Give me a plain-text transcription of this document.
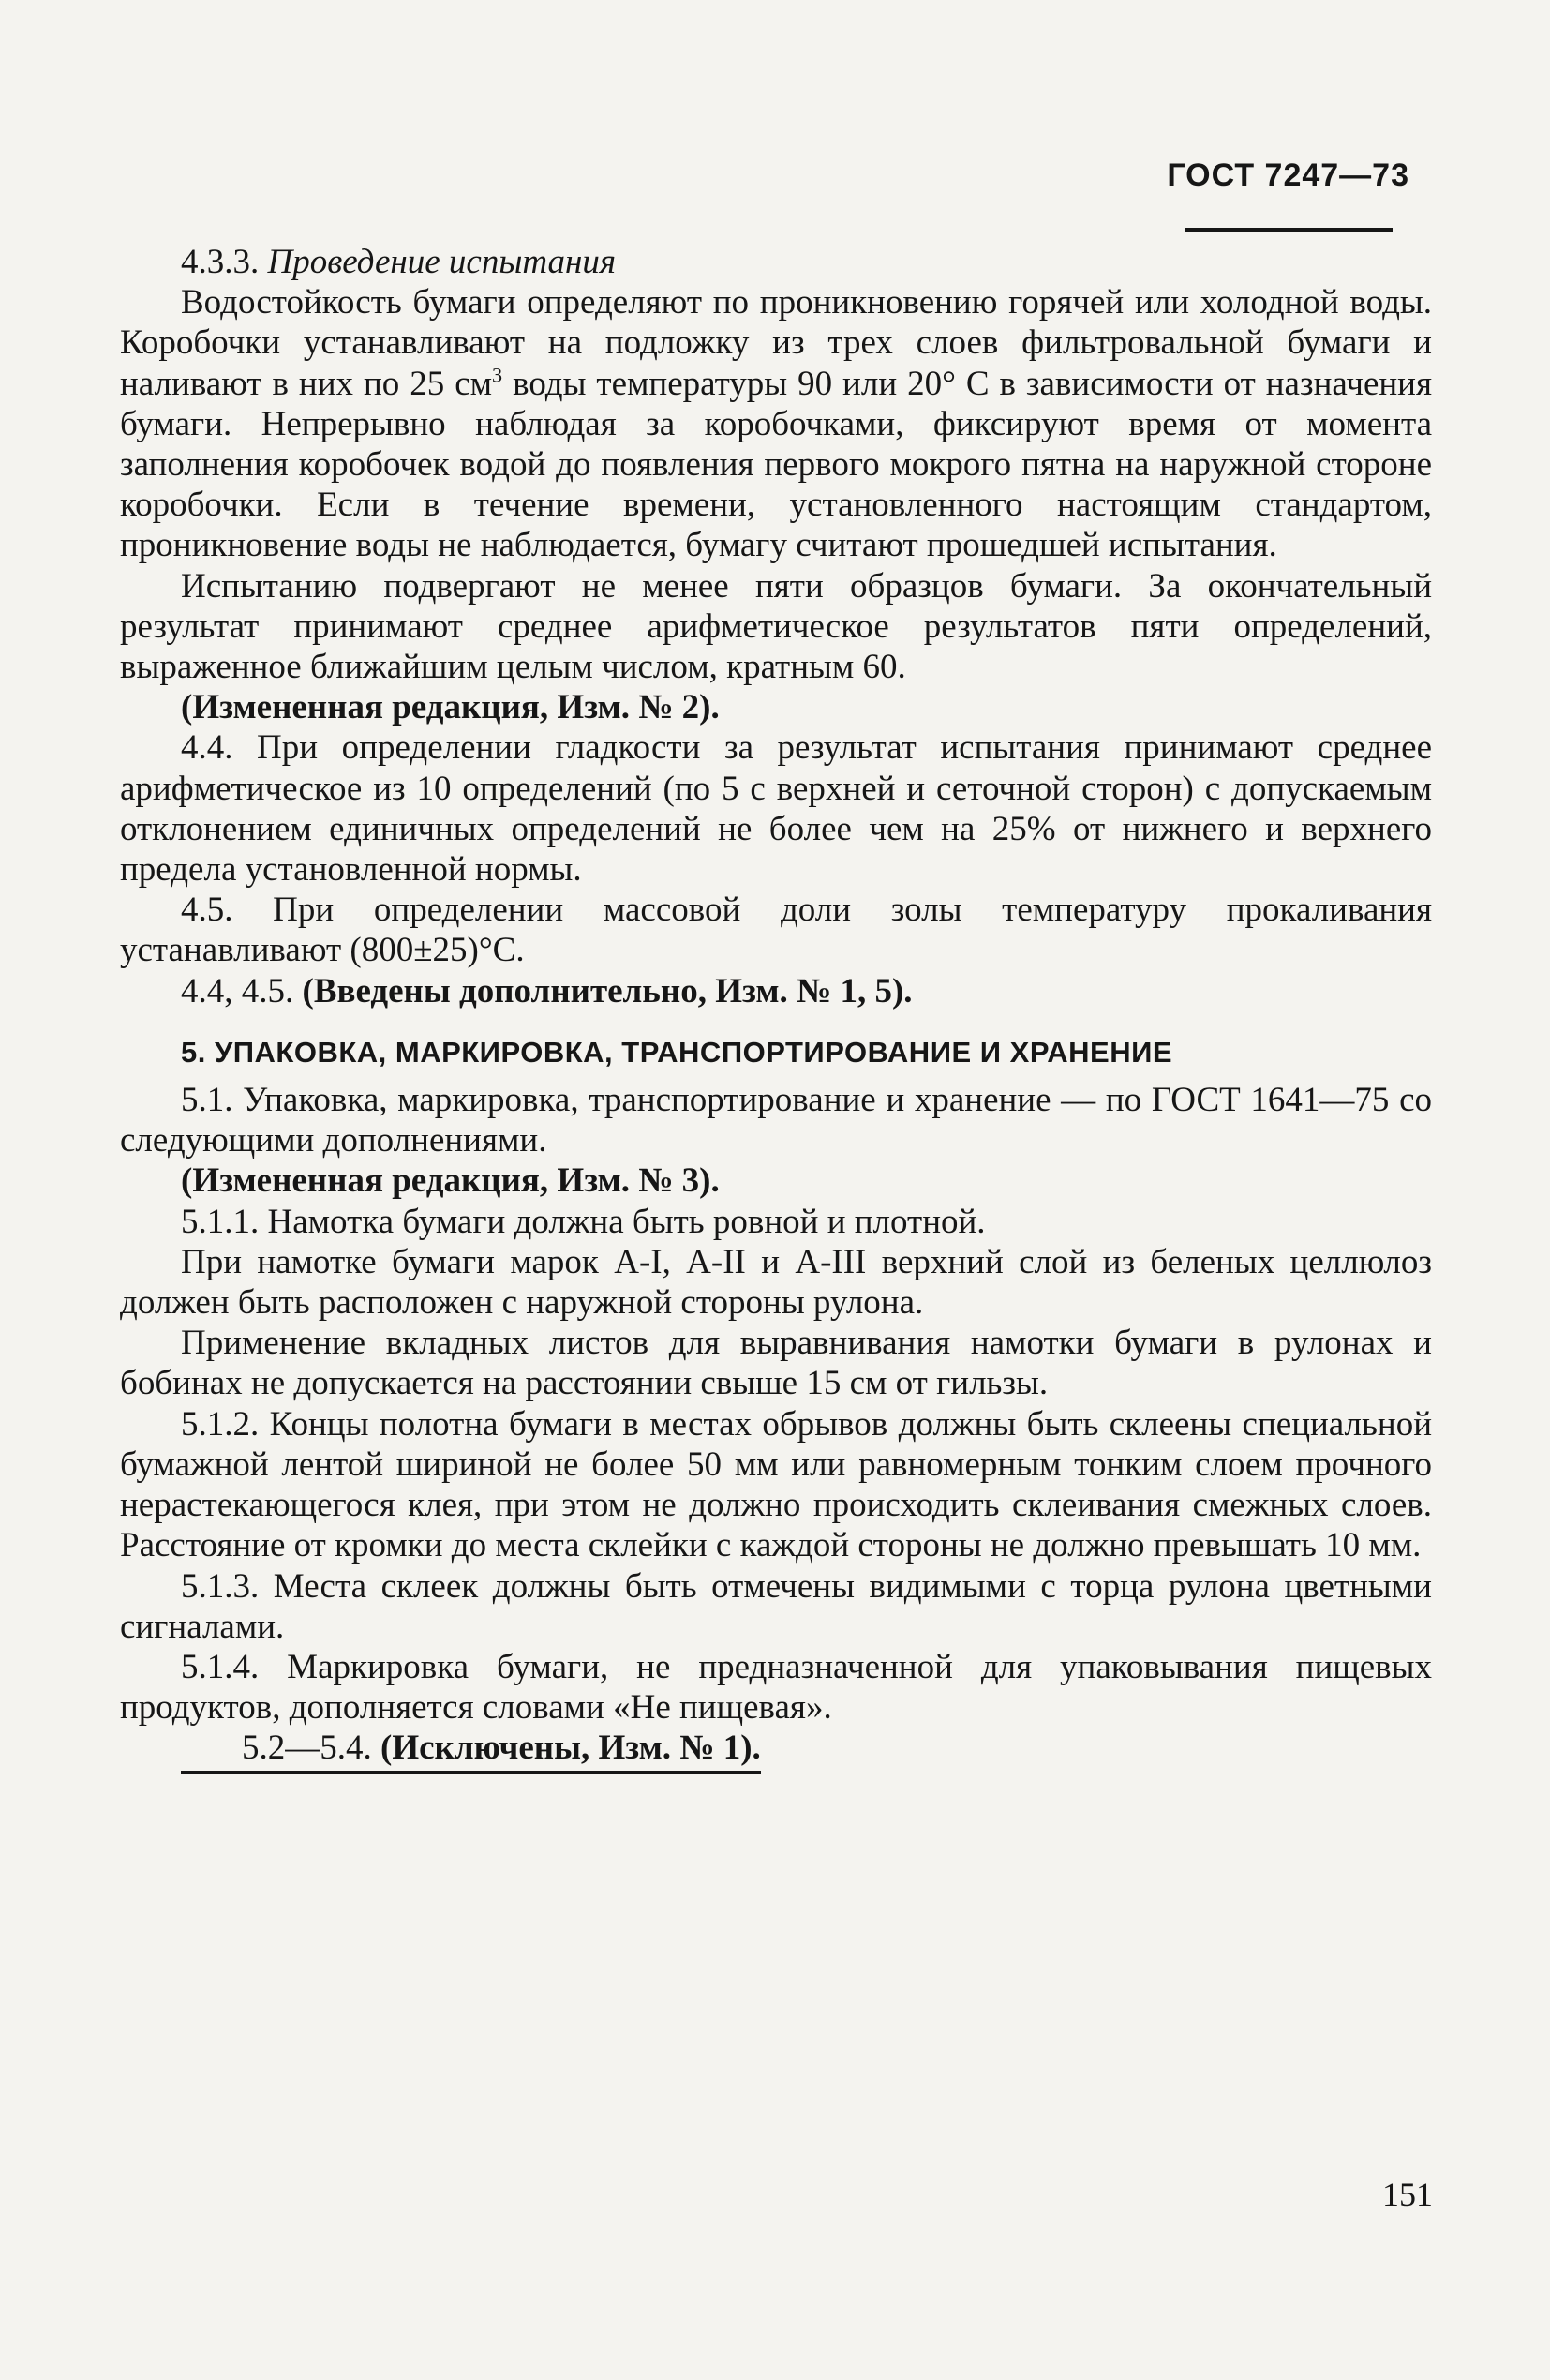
ГОСТ 7247—73

4.3.3. Проведение испытания

Водостойкость бумаги определяют по проникновению горячей или холодной воды. Коробочки устанавливают на подложку из трех слоев фильтровальной бумаги и наливают в них по 25 $см^3$ воды температуры 90 или 20° С в зависимости от назначения бумаги. Непрерывно наблюдая за коробочками, фиксируют время от момента заполнения коробочек водой до появления первого мокрого пятна на наружной стороне коробочки. Если в течение времени, установленного настоящим стандартом, проникновение воды не наблюдается, бумагу считают прошедшей испытания.

Испытанию подвергают не менее пяти образцов бумаги. За окончательный результат принимают среднее арифметическое результатов пяти определений, выраженное ближайшим целым числом, кратным 60.

(Измененная редакция, Изм. № 2).

4.4. При определении гладкости за результат испытания принимают среднее арифметическое из 10 определений (по 5 с верхней и сеточной сторон) с допускаемым отклонением единичных определений не более чем на 25% от нижнего и верхнего предела установленной нормы.

4.5. При определении массовой доли золы температуру прокаливания устанавливают (800±25)°С.

4.4, 4.5. (Введены дополнительно, Изм. № 1, 5).

5. УПАКОВКА, МАРКИРОВКА, ТРАНСПОРТИРОВАНИЕ И ХРАНЕНИЕ

5.1. Упаковка, маркировка, транспортирование и хранение — по ГОСТ 1641—75 со следующими дополнениями.

(Измененная редакция, Изм. № 3).

5.1.1. Намотка бумаги должна быть ровной и плотной.

При намотке бумаги марок А-I, А-II и А-III верхний слой из беленых целлюлоз должен быть расположен с наружной стороны рулона.

Применение вкладных листов для выравнивания намотки бумаги в рулонах и бобинах не допускается на расстоянии свыше 15 см от гильзы.

5.1.2. Концы полотна бумаги в местах обрывов должны быть склеены специальной бумажной лентой шириной не более 50 мм или равномерным тонким слоем прочного нерастекающегося клея, при этом не должно происходить склеивания смежных слоев. Расстояние от кромки до места склейки с каждой стороны не должно превышать 10 мм.

5.1.3. Места склеек должны быть отмечены видимыми с торца рулона цветными сигналами.

5.1.4. Маркировка бумаги, не предназначенной для упаковывания пищевых продуктов, дополняется словами «Не пищевая».

5.2—5.4. (Исключены, Изм. № 1).

151
